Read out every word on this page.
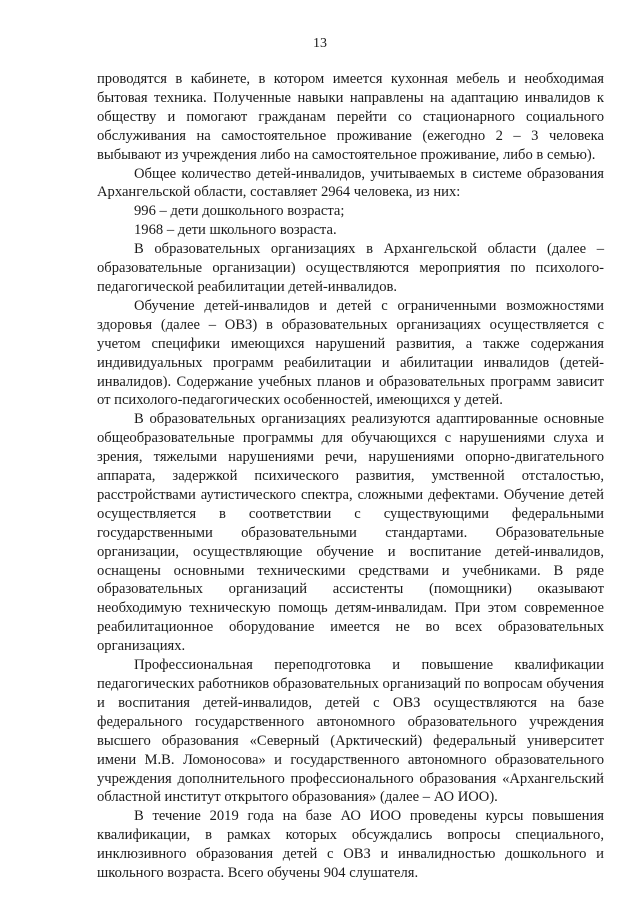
13

проводятся в кабинете, в котором имеется кухонная мебель и необходимая бытовая техника. Полученные навыки направлены на адаптацию инвалидов к обществу и помогают гражданам перейти со стационарного социального обслуживания на самостоятельное проживание (ежегодно 2 – 3 человека выбывают из учреждения либо на самостоятельное проживание, либо в семью).

Общее количество детей-инвалидов, учитываемых в системе образования Архангельской области, составляет 2964 человека, из них:

996 – дети дошкольного возраста;

1968 – дети школьного возраста.

В образовательных организациях в Архангельской области (далее – образовательные организации) осуществляются мероприятия по психолого-педагогической реабилитации детей-инвалидов.

Обучение детей-инвалидов и детей с ограниченными возможностями здоровья (далее – ОВЗ) в образовательных организациях осуществляется с учетом специфики имеющихся нарушений развития, а также содержания индивидуальных программ реабилитации и абилитации инвалидов (детей-инвалидов). Содержание учебных планов и образовательных программ зависит от психолого-педагогических особенностей, имеющихся у детей.

В образовательных организациях реализуются адаптированные основные общеобразовательные программы для обучающихся с нарушениями слуха и зрения, тяжелыми нарушениями речи, нарушениями опорно-двигательного аппарата, задержкой психического развития, умственной отсталостью, расстройствами аутистического спектра, сложными дефектами. Обучение детей осуществляется в соответствии с существующими федеральными государственными образовательными стандартами. Образовательные организации, осуществляющие обучение и воспитание детей-инвалидов, оснащены основными техническими средствами и учебниками. В ряде образовательных организаций ассистенты (помощники) оказывают необходимую техническую помощь детям-инвалидам. При этом современное реабилитационное оборудование имеется не во всех образовательных организациях.

Профессиональная переподготовка и повышение квалификации педагогических работников образовательных организаций по вопросам обучения и воспитания детей-инвалидов, детей с ОВЗ осуществляются на базе федерального государственного автономного образовательного учреждения высшего образования «Северный (Арктический) федеральный университет имени М.В. Ломоносова» и государственного автономного образовательного учреждения дополнительного профессионального образования «Архангельский областной институт открытого образования» (далее – АО ИОО).

В течение 2019 года на базе АО ИОО проведены курсы повышения квалификации, в рамках которых обсуждались вопросы специального, инклюзивного образования детей с ОВЗ и инвалидностью дошкольного и школьного возраста. Всего обучены 904 слушателя.
